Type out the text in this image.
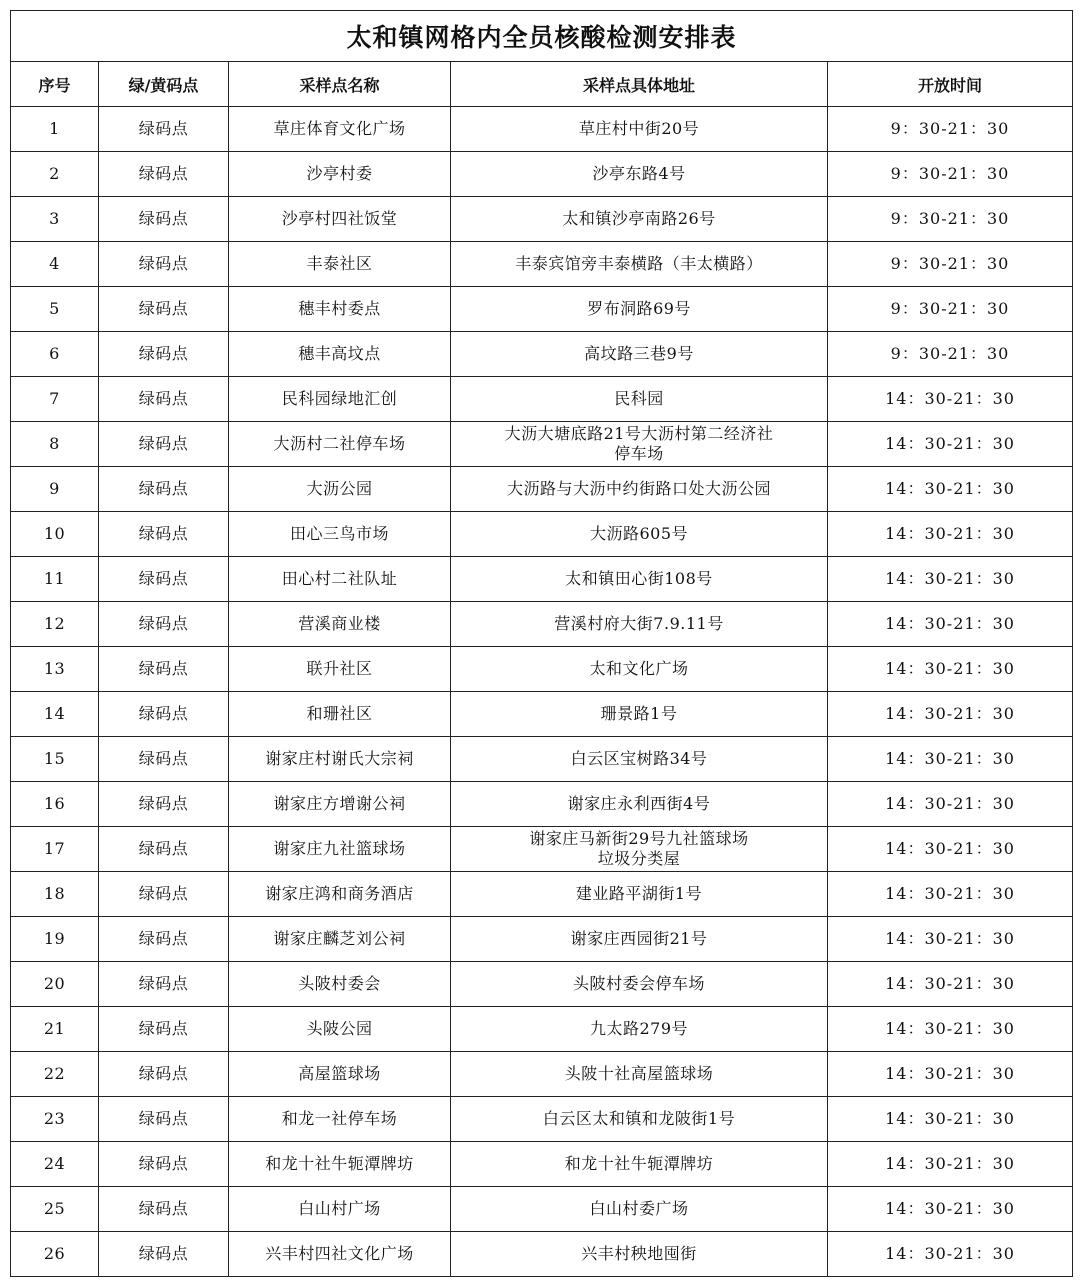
太和镇网格内全员核酸检测安排表				
序号	绿/黄码点	采样点名称	采样点具体地址	开放时间
1	绿码点	草庄体育文化广场	草庄村中街20号	9：30-21：30
2	绿码点	沙亭村委	沙亭东路4号	9：30-21：30
3	绿码点	沙亭村四社饭堂	太和镇沙亭南路26号	9：30-21：30
4	绿码点	丰泰社区	丰泰宾馆旁丰泰横路（丰太横路）	9：30-21：30
5	绿码点	穗丰村委点	罗布洞路69号	9：30-21：30
6	绿码点	穗丰高坟点	高坟路三巷9号	9：30-21：30
7	绿码点	民科园绿地汇创	民科园	14：30-21：30
8	绿码点	大沥村二社停车场	大沥大塘底路21号大沥村第二经济社
停车场	14：30-21：30
9	绿码点	大沥公园	大沥路与大沥中约街路口处大沥公园	14：30-21：30
10	绿码点	田心三鸟市场	大沥路605号	14：30-21：30
11	绿码点	田心村二社队址	太和镇田心街108号	14：30-21：30
12	绿码点	营溪商业楼	营溪村府大街7.9.11号	14：30-21：30
13	绿码点	联升社区	太和文化广场	14：30-21：30
14	绿码点	和珊社区	珊景路1号	14：30-21：30
15	绿码点	谢家庄村谢氏大宗祠	白云区宝树路34号	14：30-21：30
16	绿码点	谢家庄方增谢公祠	谢家庄永利西街4号	14：30-21：30
17	绿码点	谢家庄九社篮球场	谢家庄马新街29号九社篮球场
垃圾分类屋	14：30-21：30
18	绿码点	谢家庄鸿和商务酒店	建业路平湖街1号	14：30-21：30
19	绿码点	谢家庄麟芝刘公祠	谢家庄西园街21号	14：30-21：30
20	绿码点	头陂村委会	头陂村委会停车场	14：30-21：30
21	绿码点	头陂公园	九太路279号	14：30-21：30
22	绿码点	高屋篮球场	头陂十社高屋篮球场	14：30-21：30
23	绿码点	和龙一社停车场	白云区太和镇和龙陂街1号	14：30-21：30
24	绿码点	和龙十社牛轭潭牌坊	和龙十社牛轭潭牌坊	14：30-21：30
25	绿码点	白山村广场	白山村委广场	14：30-21：30
26	绿码点	兴丰村四社文化广场	兴丰村秧地囤街	14：30-21：30
